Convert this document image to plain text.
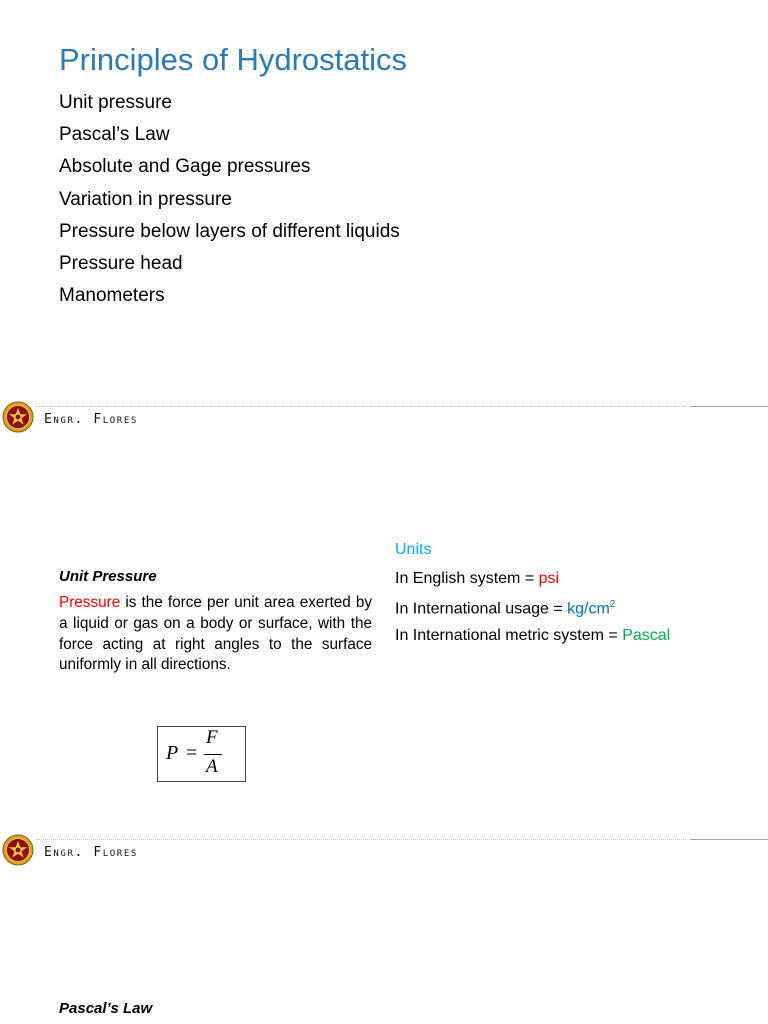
Principles of Hydrostatics
Unit pressure
Pascal’s Law
Absolute and Gage pressures
Variation in pressure
Pressure below layers of different liquids
Pressure head
Manometers
Engr. Flores
Unit Pressure

Pressure is the force per unit area exerted by a liquid or gas on a body or surface, with the force acting at right angles to the surface uniformly in all directions.

P =
F
A
Units
In English system = psi
In International usage = $kg/cm^2$
In International metric system = Pascal
Engr. Flores
Pascal’s Law
